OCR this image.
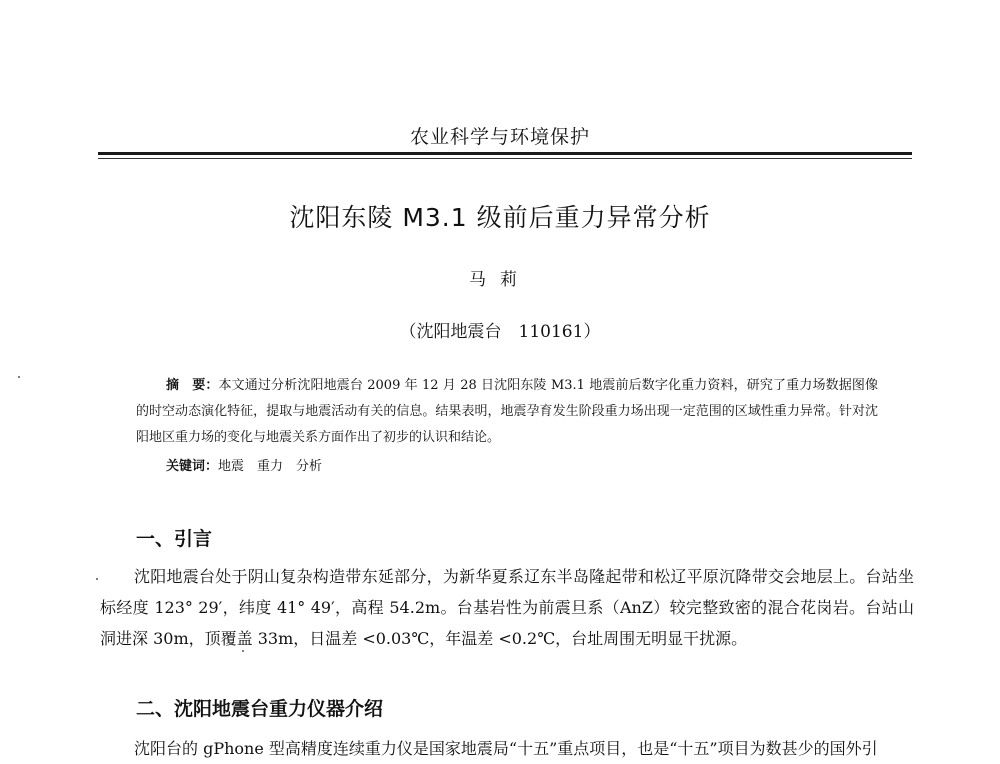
农业科学与环境保护
沈阳东陵 M3.1 级前后重力异常分析
马莉
（沈阳地震台　110161）
摘　要：本文通过分析沈阳地震台 2009 年 12 月 28 日沈阳东陵 M3.1 地震前后数字化重力资料，研究了重力场数据图像的时空动态演化特征，提取与地震活动有关的信息。结果表明，地震孕育发生阶段重力场出现一定范围的区域性重力异常。针对沈阳地区重力场的变化与地震关系方面作出了初步的认识和结论。
关键词：地震　重力　分析
一、引言
沈阳地震台处于阴山复杂构造带东延部分，为新华夏系辽东半岛隆起带和松辽平原沉降带交会地层上。台站坐标经度 123° 29′，纬度 41° 49′，高程 54.2m。台基岩性为前震旦系（AnZ）较完整致密的混合花岗岩。台站山洞进深 30m，顶覆盖 33m，日温差 <0.03℃，年温差 <0.2℃，台址周围无明显干扰源。
二、沈阳地震台重力仪器介绍
沈阳台的 gPhone 型高精度连续重力仪是国家地震局“十五”重点项目，也是“十五”项目为数甚少的国外引
